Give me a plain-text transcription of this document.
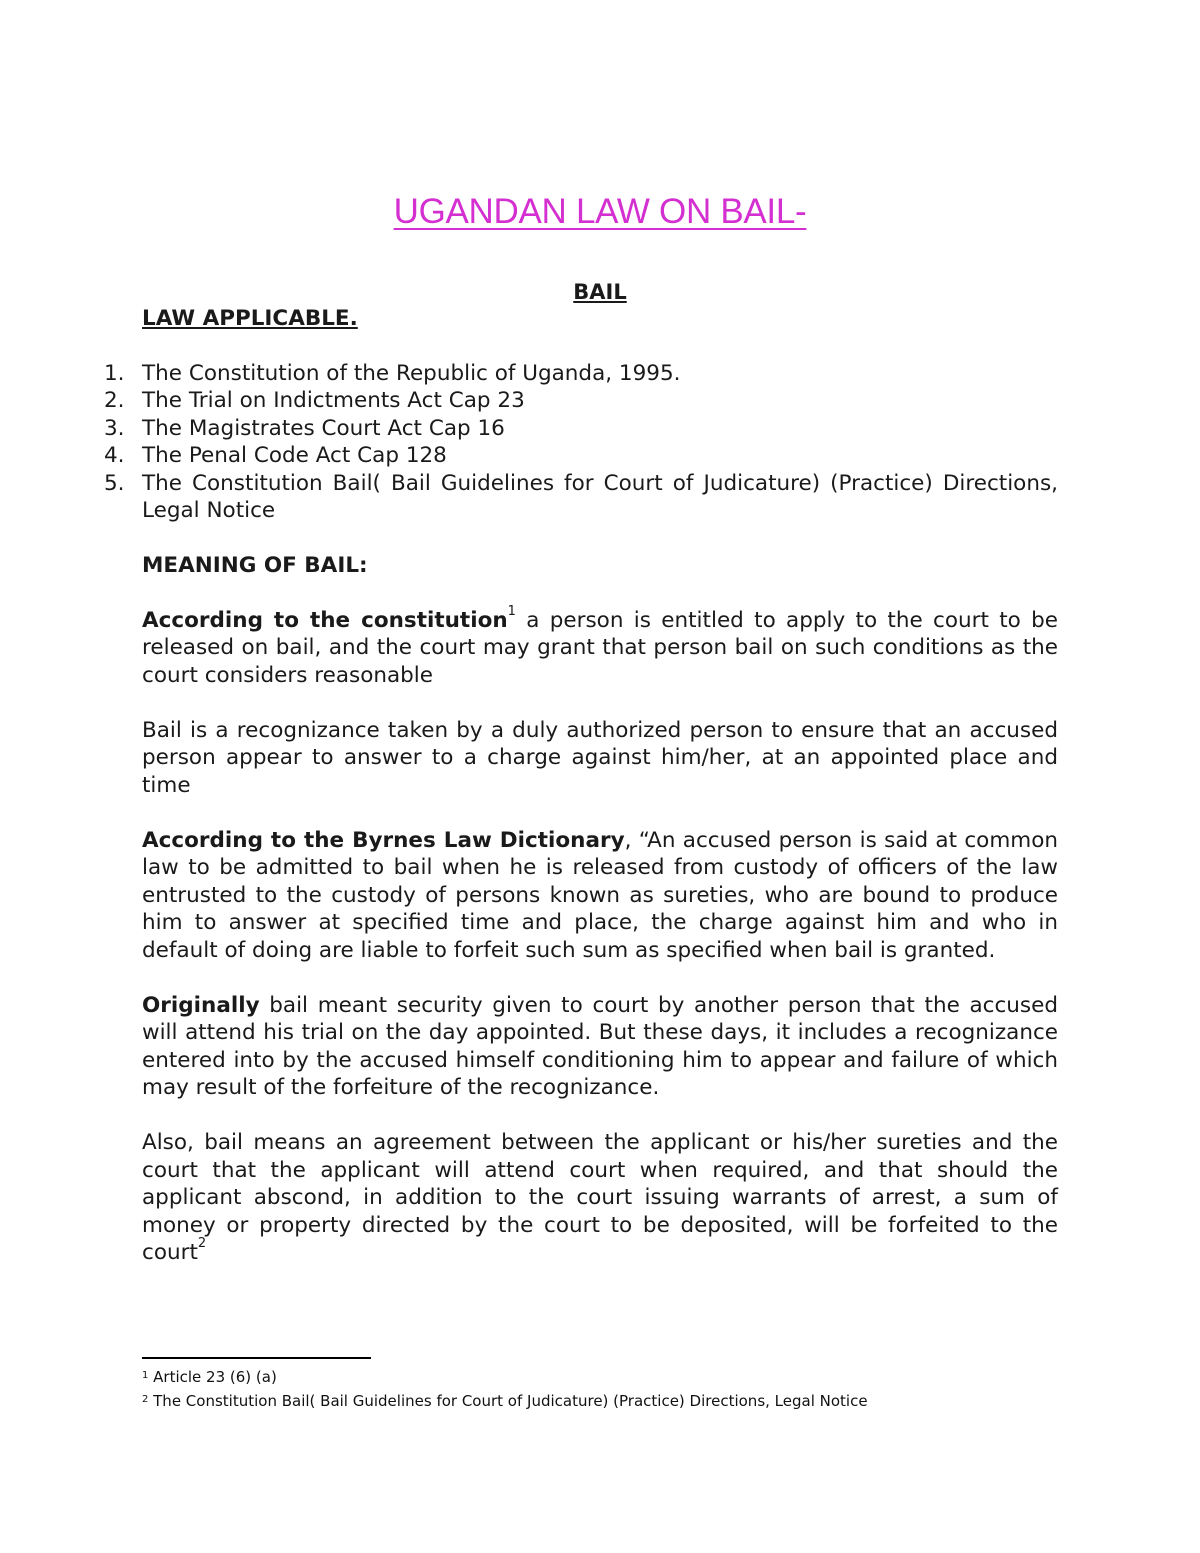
UGANDAN LAW ON BAIL-
BAIL
LAW APPLICABLE.
1. The Constitution of the Republic of Uganda, 1995.
2. The Trial on Indictments Act Cap 23
3. The Magistrates Court Act Cap 16
4. The Penal Code Act Cap 128
5. The Constitution Bail( Bail Guidelines for Court of Judicature) (Practice) Directions, Legal Notice
MEANING OF BAIL:

According to the constitution$^1$ a person is entitled to apply to the court to be released on bail, and the court may grant that person bail on such conditions as the court considers reasonable

Bail is a recognizance taken by a duly authorized person to ensure that an accused person appear to answer to a charge against him/her, at an appointed place and time

According to the Byrnes Law Dictionary, “An accused person is said at common law to be admitted to bail when he is released from custody of officers of the law entrusted to the custody of persons known as sureties, who are bound to produce him to answer at specified time and place, the charge against him and who in default of doing are liable to forfeit such sum as specified when bail is granted.

Originally bail meant security given to court by another person that the accused will attend his trial on the day appointed. But these days, it includes a recognizance entered into by the accused himself conditioning him to appear and failure of which may result of the forfeiture of the recognizance.

Also, bail means an agreement between the applicant or his/her sureties and the court that the applicant will attend court when required, and that should the applicant abscond, in addition to the court issuing warrants of arrest, a sum of money or property directed by the court to be deposited, will be forfeited to the court$^2$

$^1$ Article 23 (6) (a)
$^2$ The Constitution Bail( Bail Guidelines for Court of Judicature) (Practice) Directions, Legal Notice
